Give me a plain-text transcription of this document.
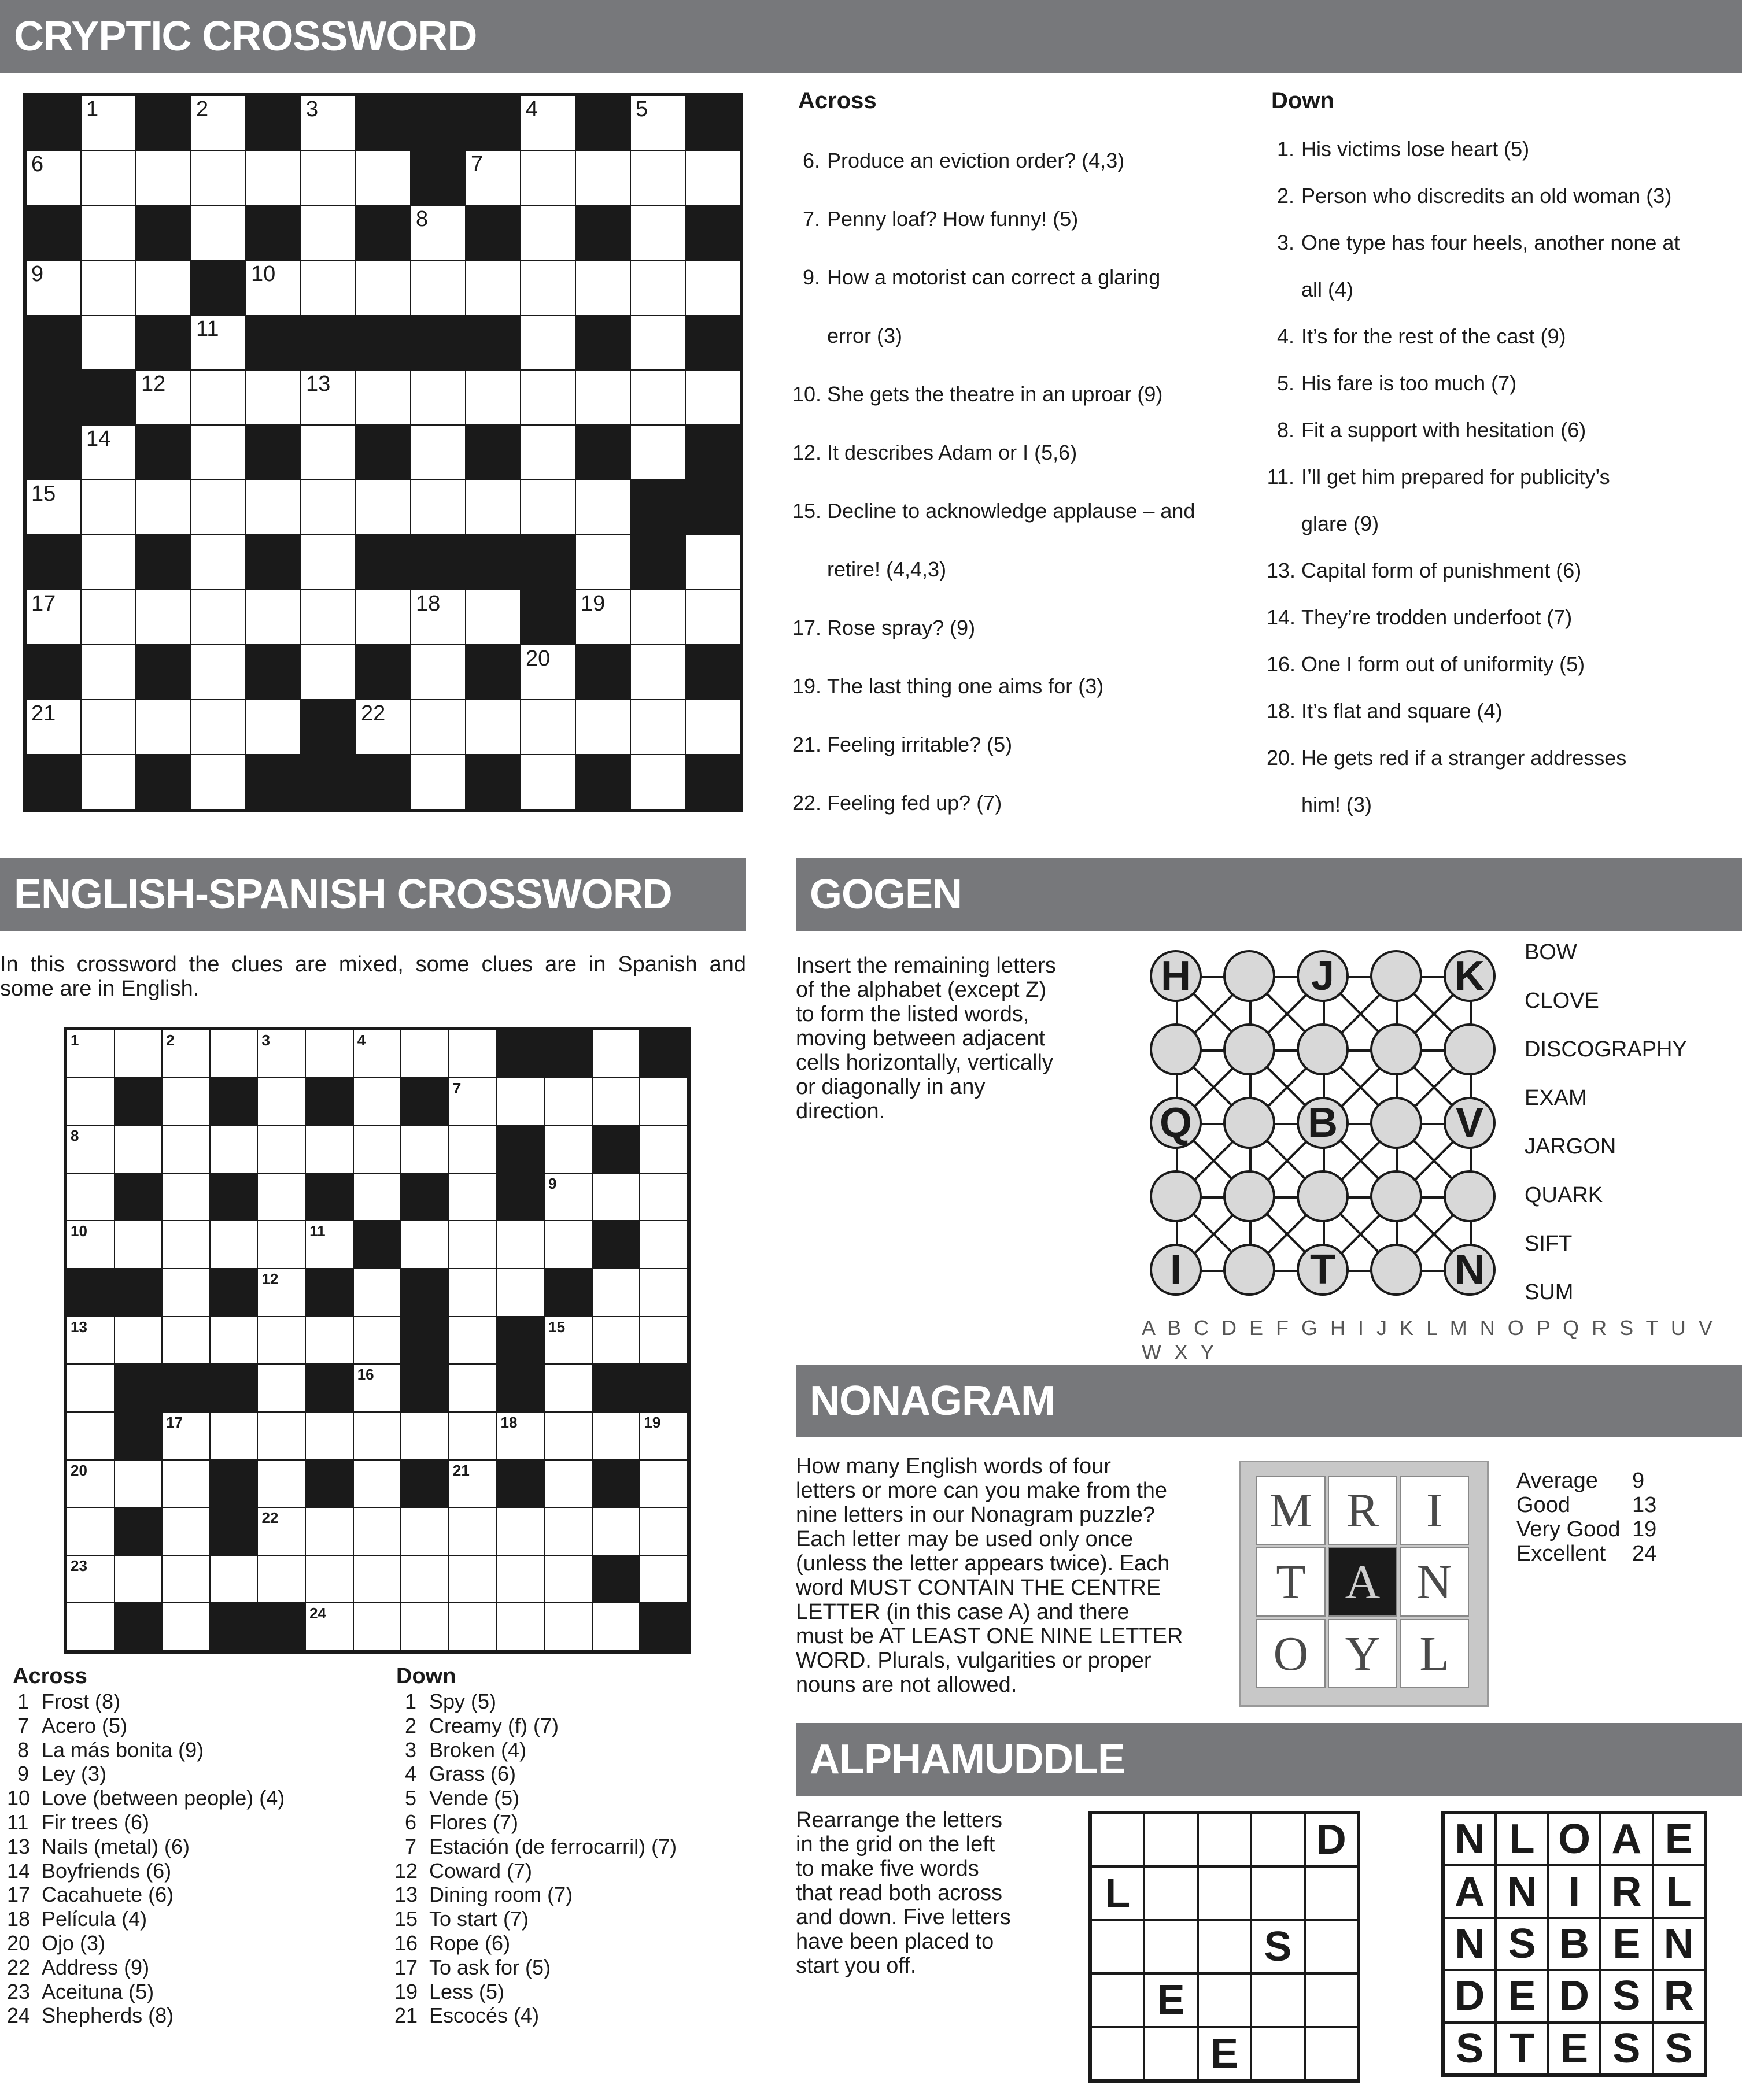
CRYPTIC CROSSWORD
1	2	3	4	5
6	7
8
9	10
11
12	13
14
15
17	18	19
20
21	22
Across	Down
6. Produce an eviction order? (4,3)
7. Penny loaf? How funny! (5)
9. How a motorist can correct a glaring
error (3)
10. She gets the theatre in an uproar (9)
12. It describes Adam or I (5,6)
15. Decline to acknowledge applause – and
retire! (4,4,3)
17. Rose spray? (9)
19. The last thing one aims for (3)
21. Feeling irritable? (5)
22. Feeling fed up? (7)
1. His victims lose heart (5)
2. Person who discredits an old woman (3)
3. One type has four heels, another none at
all (4)
4. It’s for the rest of the cast (9)
5. His fare is too much (7)
8. Fit a support with hesitation (6)
11. I’ll get him prepared for publicity’s
glare (9)
13. Capital form of punishment (6)
14. They’re trodden underfoot (7)
16. One I form out of uniformity (5)
18. It’s flat and square (4)
20. He gets red if a stranger addresses
him! (3)
ENGLISH-SPANISH CROSSWORD
In this crossword the clues are mixed, some clues are in Spanish and
some are in English.
1	2	3	4
7
8
9
10	11
12
13	15
16
17	18	19
20	21
22
23
24
Across	Down
1 Frost (8)
7 Acero (5)
8 La más bonita (9)
9 Ley (3)
10 Love (between people) (4)
11 Fir trees (6)
13 Nails (metal) (6)
14 Boyfriends (6)
17 Cacahuete (6)
18 Película (4)
20 Ojo (3)
22 Address (9)
23 Aceituna (5)
24 Shepherds (8)
1 Spy (5)
2 Creamy (f) (7)
3 Broken (4)
4 Grass (6)
5 Vende (5)
6 Flores (7)
7 Estación (de ferrocarril) (7)
12 Coward (7)
13 Dining room (7)
15 To start (7)
16 Rope (6)
17 To ask for (5)
19 Less (5)
21 Escocés (4)
GOGEN
Insert the remaining letters
of the alphabet (except Z)
to form the listed words,
moving between adjacent
cells horizontally, vertically
or diagonally in any
direction.
H	J	K
Q	B	V
I	T	N
BOW
CLOVE
DISCOGRAPHY
EXAM
JARGON
QUARK
SIFT
SUM
A B C D E F G H I J K L M N O P Q R S T U V W X Y
NONAGRAM
How many English words of four
letters or more can you make from the
nine letters in our Nonagram puzzle?
Each letter may be used only once
(unless the letter appears twice). Each
word MUST CONTAIN THE CENTRE
LETTER (in this case A) and there
must be AT LEAST ONE NINE LETTER
WORD. Plurals, vulgarities or proper
nouns are not allowed.
M R I
T A N
O Y L
Average	9
Good	13
Very Good 19
Excellent	24
ALPHAMUDDLE
Rearrange the letters
in the grid on the left
to make five words
that read both across
and down. Five letters
have been placed to
start you off.
D
L
S
E
E
N L O A E
A N I R L
N S B E N
D E D S R
S T E S S
